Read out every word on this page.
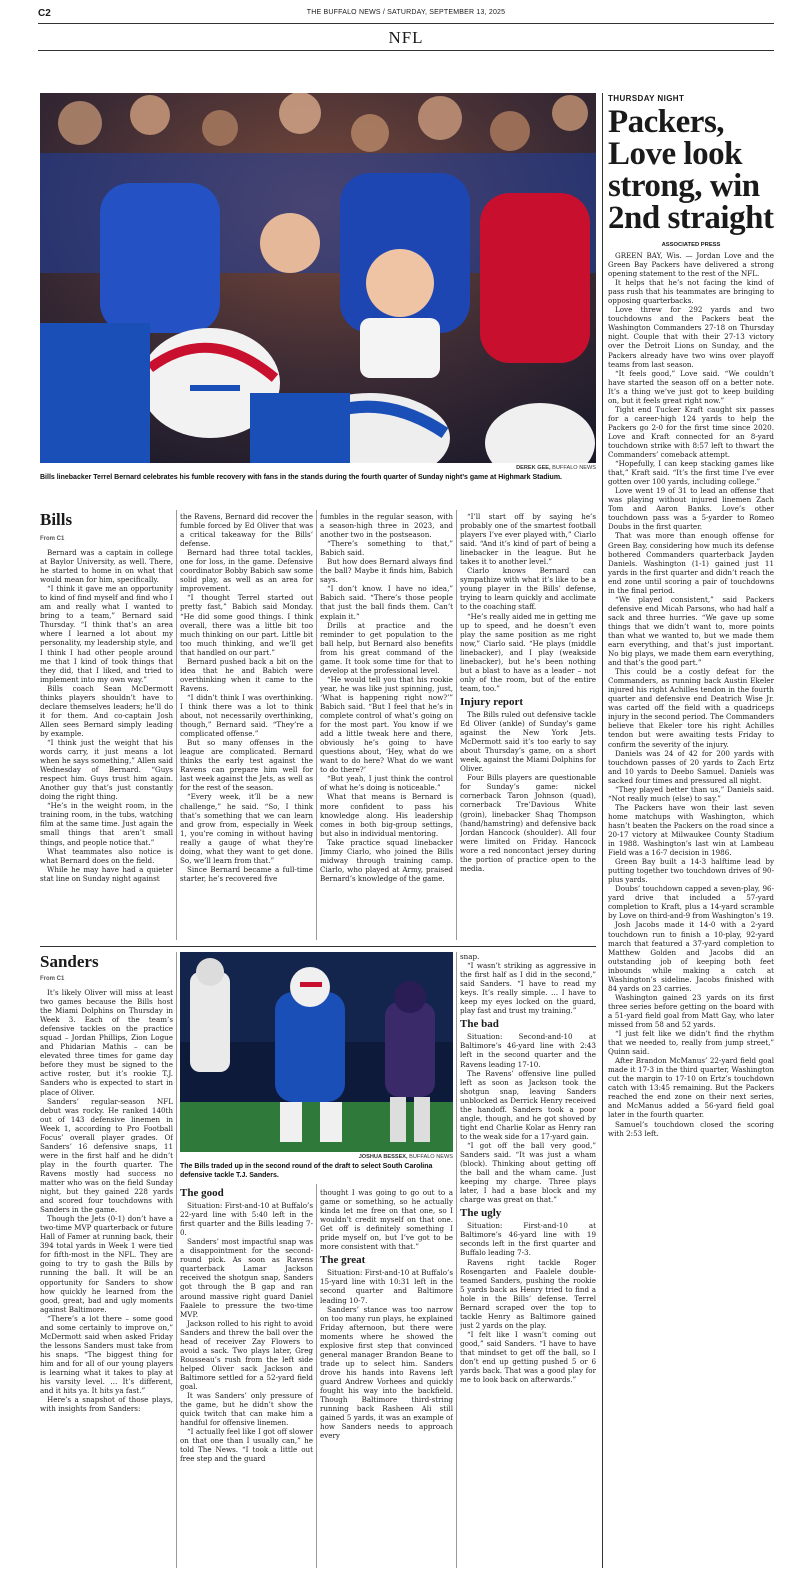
C2	THE BUFFALO NEWS / SATURDAY, SEPTEMBER 13, 2025
NFL
DEREK GEE, BUFFALO NEWS
Bills linebacker Terrel Bernard celebrates his fumble recovery with fans in the stands during the fourth quarter of Sunday night’s game at Highmark Stadium.
Bills
From C1

Bernard was a captain in college at Baylor University, as well. There, he started to home in on what that would mean for him, specifically.

“I think it gave me an opportunity to kind of find myself and find who I am and really what I wanted to bring to a team,” Bernard said Thursday. “I think that’s an area where I learned a lot about my personality, my leadership style, and I think I had other people around me that I kind of took things that they did, that I liked, and tried to implement into my own way.”

Bills coach Sean McDermott thinks players shouldn’t have to declare themselves leaders; he’ll do it for them. And co-captain Josh Allen sees Bernard simply leading by example.

“I think just the weight that his words carry, it just means a lot when he says something,” Allen said Wednesday of Bernard. “Guys respect him. Guys trust him again. Another guy that’s just constantly doing the right thing.

“He’s in the weight room, in the training room, in the tubs, watching film at the same time. Just again the small things that aren’t small things, and people notice that.”

What teammates also notice is what Bernard does on the field.

While he may have had a quieter stat line on Sunday night against

the Ravens, Bernard did recover the fumble forced by Ed Oliver that was a critical takeaway for the Bills’ defense.

Bernard had three total tackles, one for loss, in the game. Defensive coordinator Bobby Babich saw some solid play, as well as an area for improvement.

“I thought Terrel started out pretty fast,” Babich said Monday. “He did some good things. I think overall, there was a little bit too much thinking on our part. Little bit too much thinking, and we’ll get that handled on our part.”

Bernard pushed back a bit on the idea that he and Babich were overthinking when it came to the Ravens.

“I didn’t think I was overthinking. I think there was a lot to think about, not necessarily overthinking, though,” Bernard said. “They’re a complicated offense.”

But so many offenses in the league are complicated. Bernard thinks the early test against the Ravens can prepare him well for last week against the Jets, as well as for the rest of the season.

“Every week, it’ll be a new challenge,” he said. “So, I think that’s something that we can learn and grow from, especially in Week 1, you’re coming in without having really a gauge of what they’re doing, what they want to get done. So, we’ll learn from that.”

Since Bernard became a full-time starter, he’s recovered five

fumbles in the regular season, with a season-high three in 2023, and another two in the postseason.

“There’s something to that,” Babich said.

But how does Bernard always find the ball? Maybe it finds him, Babich says.

“I don’t know. I have no idea,” Babich said. “There’s those people that just the ball finds them. Can’t explain it.”

Drills at practice and the reminder to get population to the ball help, but Bernard also benefits from his great command of the game. It took some time for that to develop at the professional level.

“He would tell you that his rookie year, he was like just spinning, just, ‘What is happening right now?’” Babich said. “But I feel that he’s in complete control of what’s going on for the most part. You know if we add a little tweak here and there, obviously he’s going to have questions about, ‘Hey, what do we want to do here? What do we want to do there?’

“But yeah, I just think the control of what he’s doing is noticeable.”

What that means is Bernard is more confident to pass his knowledge along. His leadership comes in both big-group settings, but also in individual mentoring.

Take practice squad linebacker Jimmy Ciarlo, who joined the Bills midway through training camp. Ciarlo, who played at Army, praised Bernard’s knowledge of the game.

“I’ll start off by saying he’s probably one of the smartest football players I’ve ever played with,” Ciarlo said. “And it’s kind of part of being a linebacker in the league. But he takes it to another level.”

Ciarlo knows Bernard can sympathize with what it’s like to be a young player in the Bills’ defense, trying to learn quickly and acclimate to the coaching staff.

“He’s really aided me in getting me up to speed, and he doesn’t even play the same position as me right now,” Ciarlo said. “He plays (middle linebacker), and I play (weakside linebacker), but he’s been nothing but a blast to have as a leader – not only of the room, but of the entire team, too.”

Injury report

The Bills ruled out defensive tackle Ed Oliver (ankle) of Sunday’s game against the New York Jets. McDermott said it’s too early to say about Thursday’s game, on a short week, against the Miami Dolphins for Oliver.

Four Bills players are questionable for Sunday’s game: nickel cornerback Taron Johnson (quad), cornerback Tre’Davious White (groin), linebacker Shaq Thompson (hand/hamstring) and defensive back Jordan Hancock (shoulder). All four were limited on Friday. Hancock wore a red noncontact jersey during the portion of practice open to the media.

Sanders
From C1

It’s likely Oliver will miss at least two games because the Bills host the Miami Dolphins on Thursday in Week 3. Each of the team’s defensive tackles on the practice squad – Jordan Phillips, Zion Logue and Phidarian Mathis – can be elevated three times for game day before they must be signed to the active roster, but it’s rookie T.J. Sanders who is expected to start in place of Oliver.

Sanders’ regular-season NFL debut was rocky. He ranked 140th out of 143 defensive linemen in Week 1, according to Pro Football Focus’ overall player grades. Of Sanders’ 16 defensive snaps, 11 were in the first half and he didn’t play in the fourth quarter. The Ravens mostly had success no matter who was on the field Sunday night, but they gained 228 yards and scored four touchdowns with Sanders in the game.

Though the Jets (0-1) don’t have a two-time MVP quarterback or future Hall of Famer at running back, their 394 total yards in Week 1 were tied for fifth-most in the NFL. They are going to try to gash the Bills by running the ball. It will be an opportunity for Sanders to show how quickly he learned from the good, great, bad and ugly moments against Baltimore.

“There’s a lot there – some good and some certainly to improve on,” McDermott said when asked Friday the lessons Sanders must take from his snaps. “The biggest thing for him and for all of our young players is learning what it takes to play at his varsity level. … It’s different, and it hits ya. It hits ya fast.”

Here’s a snapshot of those plays, with insights from Sanders:

JOSHUA BESSEX, BUFFALO NEWS
The Bills traded up in the second round of the draft to select South Carolina defensive tackle T.J. Sanders.
The good

Situation: First-and-10 at Buffalo’s 22-yard line with 5:40 left in the first quarter and the Bills leading 7-0.

Sanders’ most impactful snap was a disappointment for the second-round pick. As soon as Ravens quarterback Lamar Jackson received the shotgun snap, Sanders got through the B gap and ran around massive right guard Daniel Faalele to pressure the two-time MVP.

Jackson rolled to his right to avoid Sanders and threw the ball over the head of receiver Zay Flowers to avoid a sack. Two plays later, Greg Rousseau’s rush from the left side helped Oliver sack Jackson and Baltimore settled for a 52-yard field goal.

It was Sanders’ only pressure of the game, but he didn’t show the quick twitch that can make him a handful for offensive linemen.

“I actually feel like I got off slower on that one than I usually can,” he told The News. “I took a little out free step and the guard

thought I was going to go out to a game or something, so he actually kinda let me free on that one, so I wouldn’t credit myself on that one. Get off is definitely something I pride myself on, but I’ve got to be more consistent with that.”

The great

Situation: First-and-10 at Buffalo’s 15-yard line with 10:31 left in the second quarter and Baltimore leading 10-7.

Sanders’ stance was too narrow on too many run plays, he explained Friday afternoon, but there were moments where he showed the explosive first step that convinced general manager Brandon Beane to trade up to select him. Sanders drove his hands into Ravens left guard Andrew Vorhees and quickly fought his way into the backfield. Though Baltimore third-string running back Rasheen Ali still gained 5 yards, it was an example of how Sanders needs to approach every

snap.

“I wasn’t striking as aggressive in the first half as I did in the second,” said Sanders. “I have to read my keys. It’s really simple. … I have to keep my eyes locked on the guard, play fast and trust my training.”

The bad

Situation: Second-and-10 at Baltimore’s 46-yard line with 2:43 left in the second quarter and the Ravens leading 17-10.

The Ravens’ offensive line pulled left as soon as Jackson took the shotgun snap, leaving Sanders unblocked as Derrick Henry received the handoff. Sanders took a poor angle, though, and he got shoved by tight end Charlie Kolar as Henry ran to the weak side for a 17-yard gain.

“I got off the ball very good,” Sanders said. “It was just a wham (block). Thinking about getting off the ball and the wham came. Just keeping my charge. Three plays later, I had a base block and my charge was great on that.”

The ugly

Situation: First-and-10 at Baltimore’s 46-yard line with 19 seconds left in the first quarter and Buffalo leading 7-3.

Ravens right tackle Roger Rosengarten and Faalele double-teamed Sanders, pushing the rookie 5 yards back as Henry tried to find a hole in the Bills’ defense. Terrel Bernard scraped over the top to tackle Henry as Baltimore gained just 2 yards on the play.

“I felt like I wasn’t coming out good,” said Sanders. “I have to have that mindset to get off the ball, so I don’t end up getting pushed 5 or 6 yards back. That was a good play for me to look back on afterwards.”

THURSDAY NIGHT
Packers, Love look strong, win 2nd straight
ASSOCIATED PRESS

GREEN BAY, Wis. — Jordan Love and the Green Bay Packers have delivered a strong opening statement to the rest of the NFL.

It helps that he’s not facing the kind of pass rush that his teammates are bringing to opposing quarterbacks.

Love threw for 292 yards and two touchdowns and the Packers beat the Washington Commanders 27-18 on Thursday night. Couple that with their 27-13 victory over the Detroit Lions on Sunday, and the Packers already have two wins over playoff teams from last season.

“It feels good,” Love said. “We couldn’t have started the season off on a better note. It’s a thing we’ve just got to keep building on, but it feels great right now.”

Tight end Tucker Kraft caught six passes for a career-high 124 yards to help the Packers go 2-0 for the first time since 2020. Love and Kraft connected for an 8-yard touchdown strike with 8:57 left to thwart the Commanders’ comeback attempt.

“Hopefully, I can keep stacking games like that,” Kraft said. “It’s the first time I’ve ever gotten over 100 yards, including college.”

Love went 19 of 31 to lead an offense that was playing without injured linemen Zach Tom and Aaron Banks. Love’s other touchdown pass was a 5-yarder to Romeo Doubs in the first quarter.

That was more than enough offense for Green Bay, considering how much its defense bothered Commanders quarterback Jayden Daniels. Washington (1-1) gained just 11 yards in the first quarter and didn’t reach the end zone until scoring a pair of touchdowns in the final period.

“We played consistent,” said Packers defensive end Micah Parsons, who had half a sack and three hurries. “We gave up some things that we didn’t want to, more points than what we wanted to, but we made them earn everything, and that’s just important. No big plays, we made them earn everything, and that’s the good part.”

This could be a costly defeat for the Commanders, as running back Austin Ekeler injured his right Achilles tendon in the fourth quarter and defensive end Deatrich Wise Jr. was carted off the field with a quadriceps injury in the second period. The Commanders believe that Ekeler tore his right Achilles tendon but were awaiting tests Friday to confirm the severity of the injury.

Daniels was 24 of 42 for 200 yards with touchdown passes of 20 yards to Zach Ertz and 10 yards to Deebo Samuel. Daniels was sacked four times and pressured all night.

“They played better than us,” Daniels said. “Not really much (else) to say.”

The Packers have won their last seven home matchups with Washington, which hasn’t beaten the Packers on the road since a 20-17 victory at Milwaukee County Stadium in 1988. Washington’s last win at Lambeau Field was a 16-7 decision in 1986.

Green Bay built a 14-3 halftime lead by putting together two touchdown drives of 90-plus yards.

Doubs’ touchdown capped a seven-play, 96-yard drive that included a 57-yard completion to Kraft, plus a 14-yard scramble by Love on third-and-9 from Washington’s 19.

Josh Jacobs made it 14-0 with a 2-yard touchdown run to finish a 10-play, 92-yard march that featured a 37-yard completion to Matthew Golden and Jacobs did an outstanding job of keeping both feet inbounds while making a catch at Washington’s sideline. Jacobs finished with 84 yards on 23 carries.

Washington gained 23 yards on its first three series before getting on the board with a 51-yard field goal from Matt Gay, who later missed from 58 and 52 yards.

“I just felt like we didn’t find the rhythm that we needed to, really from jump street,” Quinn said.

After Brandon McManus’ 22-yard field goal made it 17-3 in the third quarter, Washington cut the margin to 17-10 on Ertz’s touchdown catch with 13:45 remaining. But the Packers reached the end zone on their next series, and McManus added a 56-yard field goal later in the fourth quarter.

Samuel’s touchdown closed the scoring with 2:53 left.
